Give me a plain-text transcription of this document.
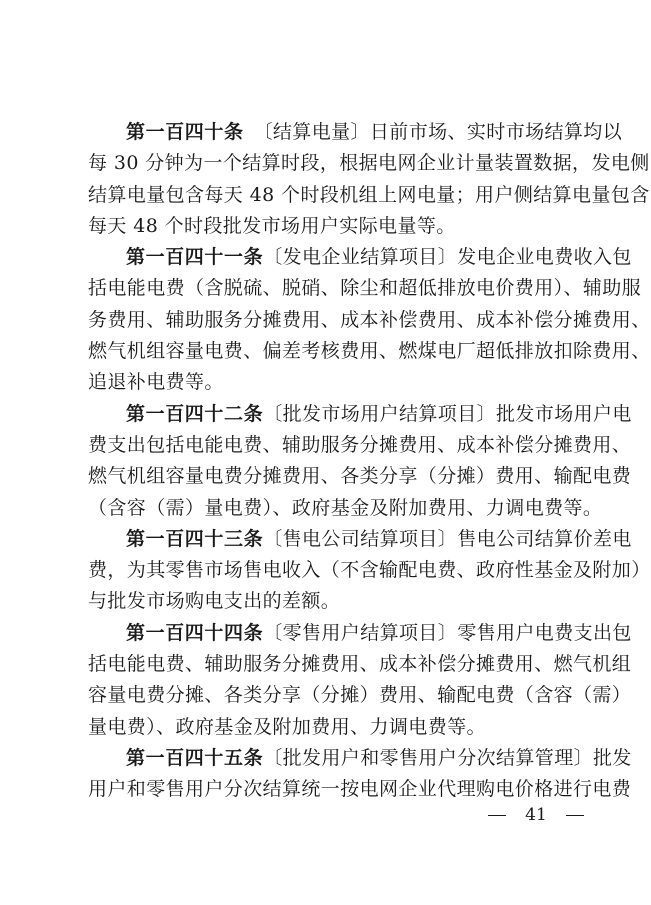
第一百四十条　〔结算电量〕日前市场、实时市场结算均以
每 30 分钟为一个结算时段，根据电网企业计量装置数据，发电侧
结算电量包含每天 48 个时段机组上网电量；用户侧结算电量包含
每天 48 个时段批发市场用户实际电量等。
第一百四十一条〔发电企业结算项目〕发电企业电费收入包
括电能电费（含脱硫、脱硝、除尘和超低排放电价费用）、辅助服
务费用、辅助服务分摊费用、成本补偿费用、成本补偿分摊费用、
燃气机组容量电费、偏差考核费用、燃煤电厂超低排放扣除费用、
追退补电费等。
第一百四十二条〔批发市场用户结算项目〕批发市场用户电
费支出包括电能电费、辅助服务分摊费用、成本补偿分摊费用、
燃气机组容量电费分摊费用、各类分享（分摊）费用、输配电费
（含容（需）量电费）、政府基金及附加费用、力调电费等。
第一百四十三条〔售电公司结算项目〕售电公司结算价差电
费，为其零售市场售电收入（不含输配电费、政府性基金及附加）
与批发市场购电支出的差额。
第一百四十四条〔零售用户结算项目〕零售用户电费支出包
括电能电费、辅助服务分摊费用、成本补偿分摊费用、燃气机组
容量电费分摊、各类分享（分摊）费用、输配电费（含容（需）
量电费）、政府基金及附加费用、力调电费等。
第一百四十五条〔批发用户和零售用户分次结算管理〕批发
用户和零售用户分次结算统一按电网企业代理购电价格进行电费
41
